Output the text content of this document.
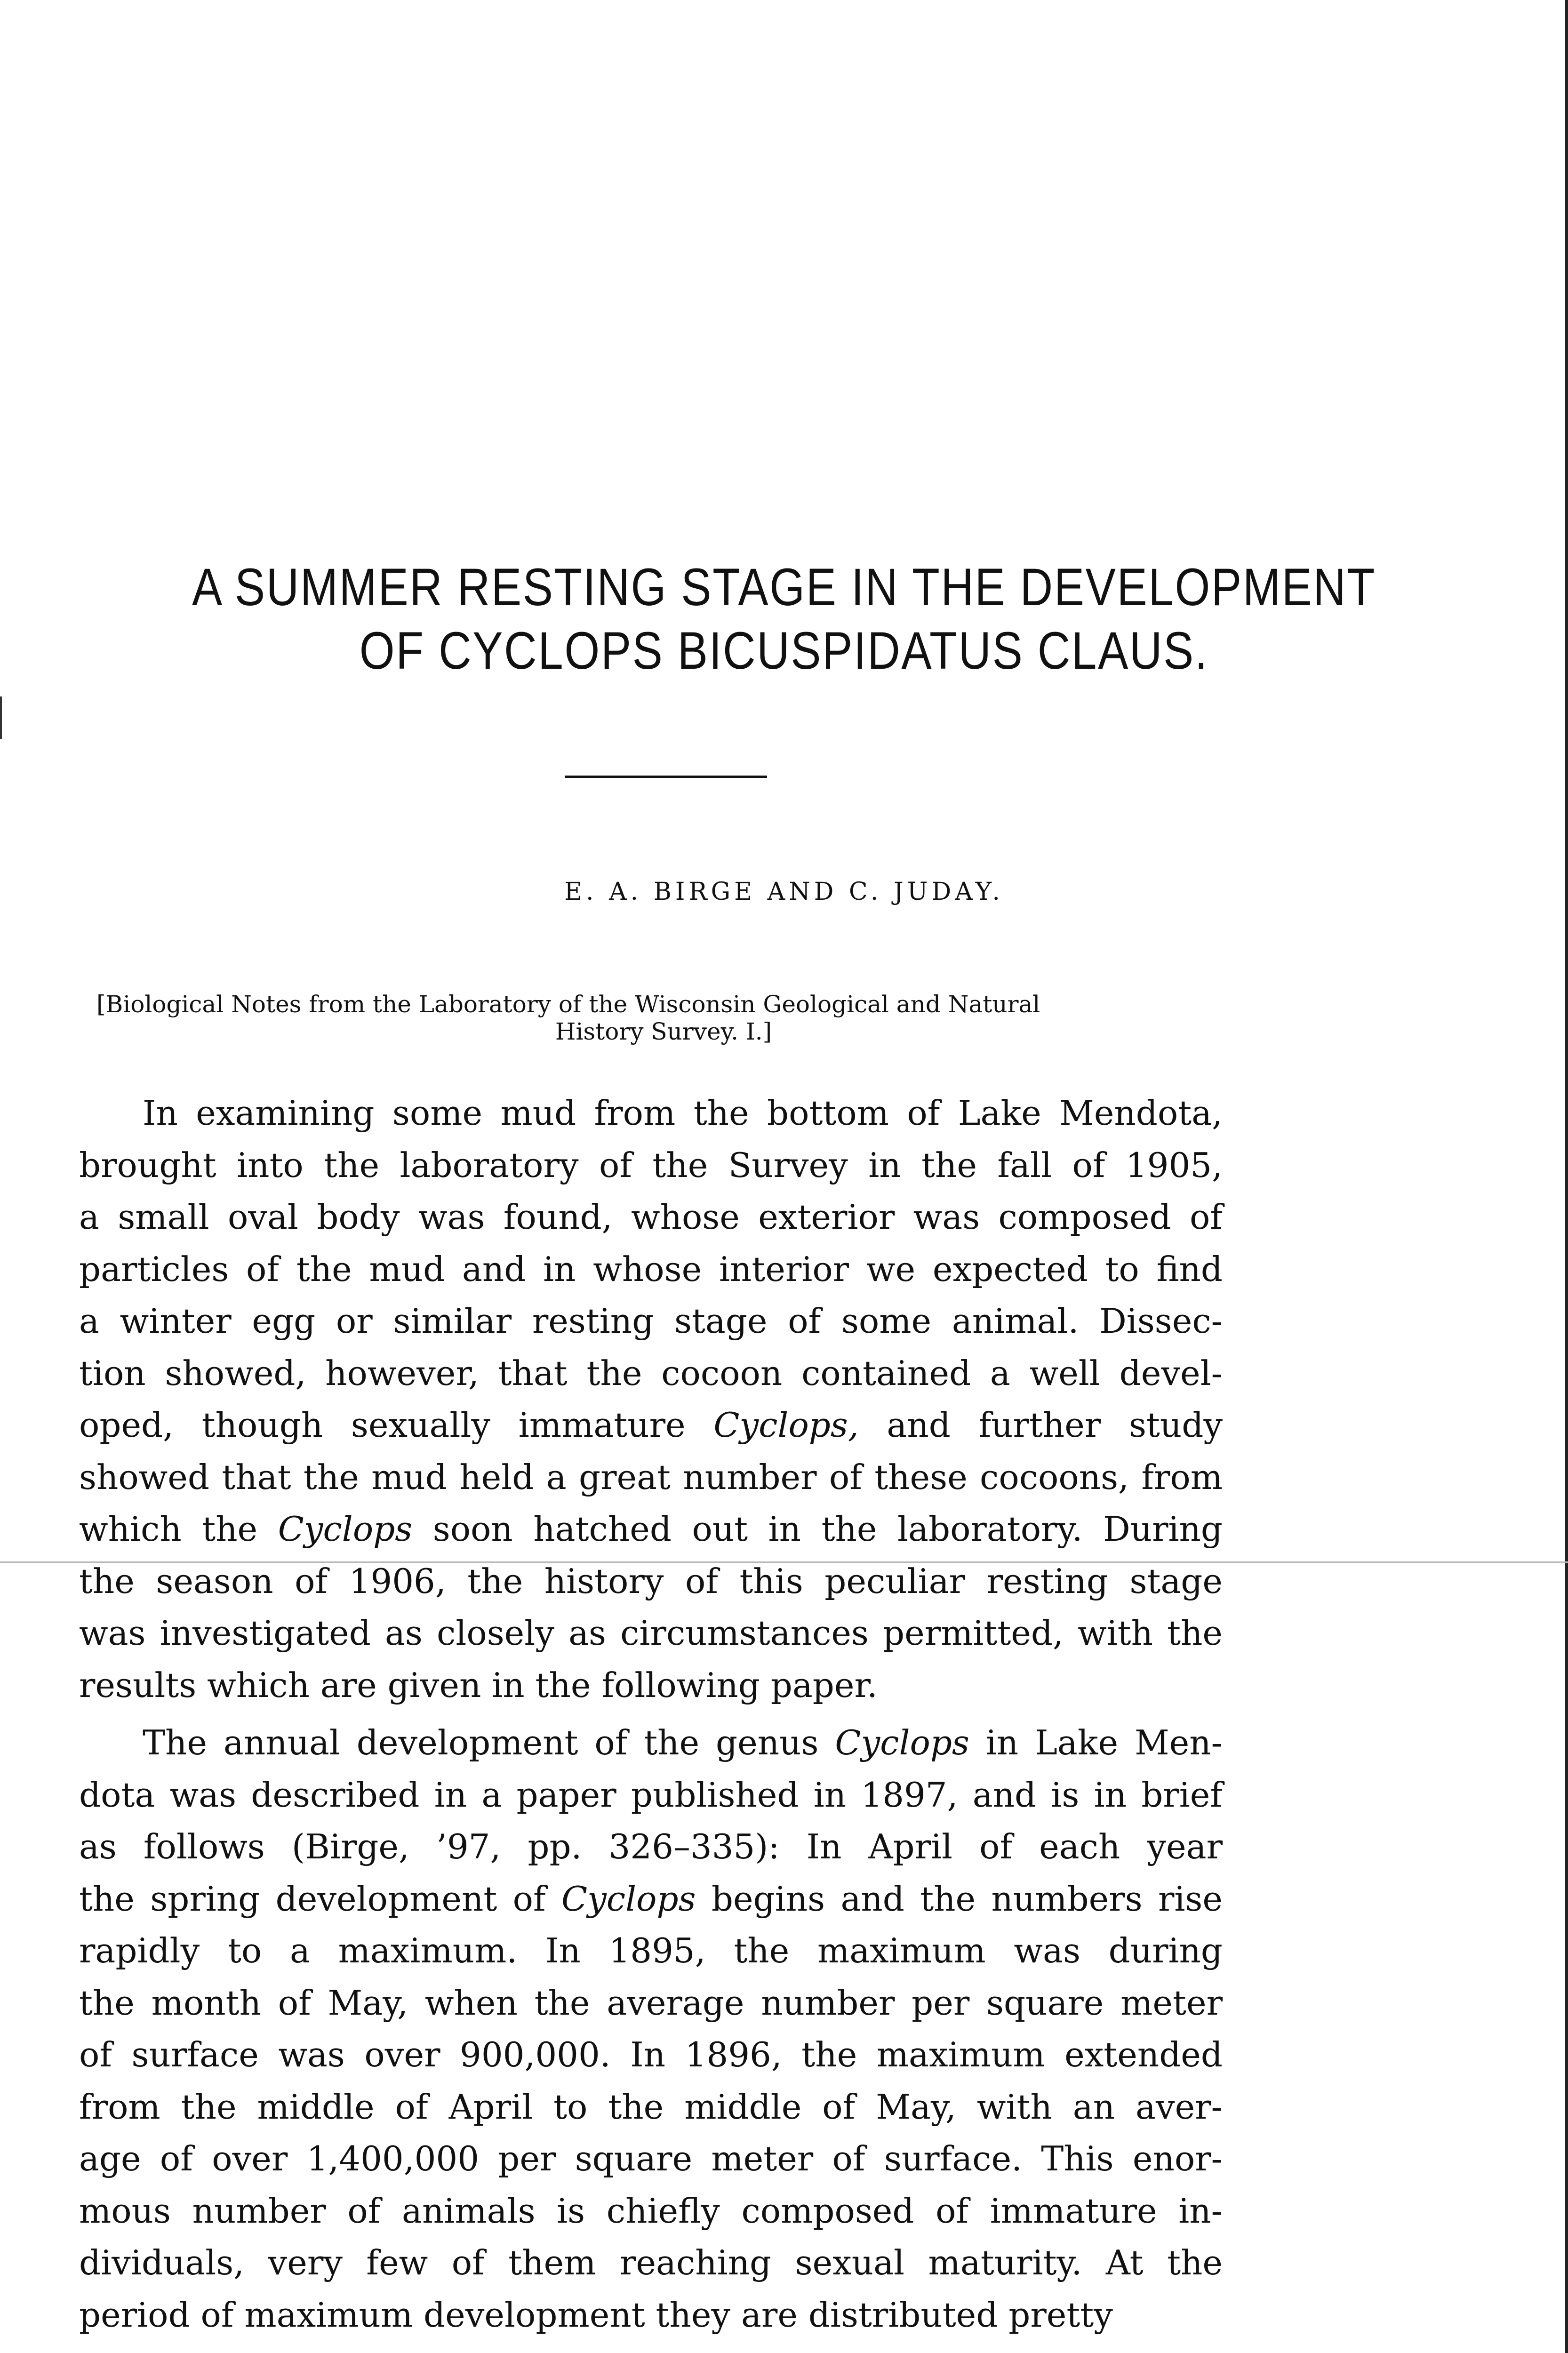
A SUMMER RESTING STAGE IN THE DEVELOPMENT
OF CYCLOPS BICUSPIDATUS CLAUS.
E. A. BIRGE AND C. JUDAY.
[Biological Notes from the Laboratory of the Wisconsin Geological and Natural
History Survey. I.]
In examining some mud from the bottom of Lake Mendota,
brought into the laboratory of the Survey in the fall of 1905,
a small oval body was found, whose exterior was composed of
particles of the mud and in whose interior we expected to find
a winter egg or similar resting stage of some animal. Dissec-
tion showed, however, that the cocoon contained a well devel-
oped, though sexually immature Cyclops, and further study
showed that the mud held a great number of these cocoons, from
which the Cyclops soon hatched out in the laboratory. During
the season of 1906, the history of this peculiar resting stage
was investigated as closely as circumstances permitted, with the
results which are given in the following paper.
The annual development of the genus Cyclops in Lake Men-
dota was described in a paper published in 1897, and is in brief
as follows (Birge, ’97, pp. 326–335): In April of each year
the spring development of Cyclops begins and the numbers rise
rapidly to a maximum. In 1895, the maximum was during
the month of May, when the average number per square meter
of surface was over 900,000. In 1896, the maximum extended
from the middle of April to the middle of May, with an aver-
age of over 1,400,000 per square meter of surface. This enor-
mous number of animals is chiefly composed of immature in-
dividuals, very few of them reaching sexual maturity. At the
period of maximum development they are distributed pretty
